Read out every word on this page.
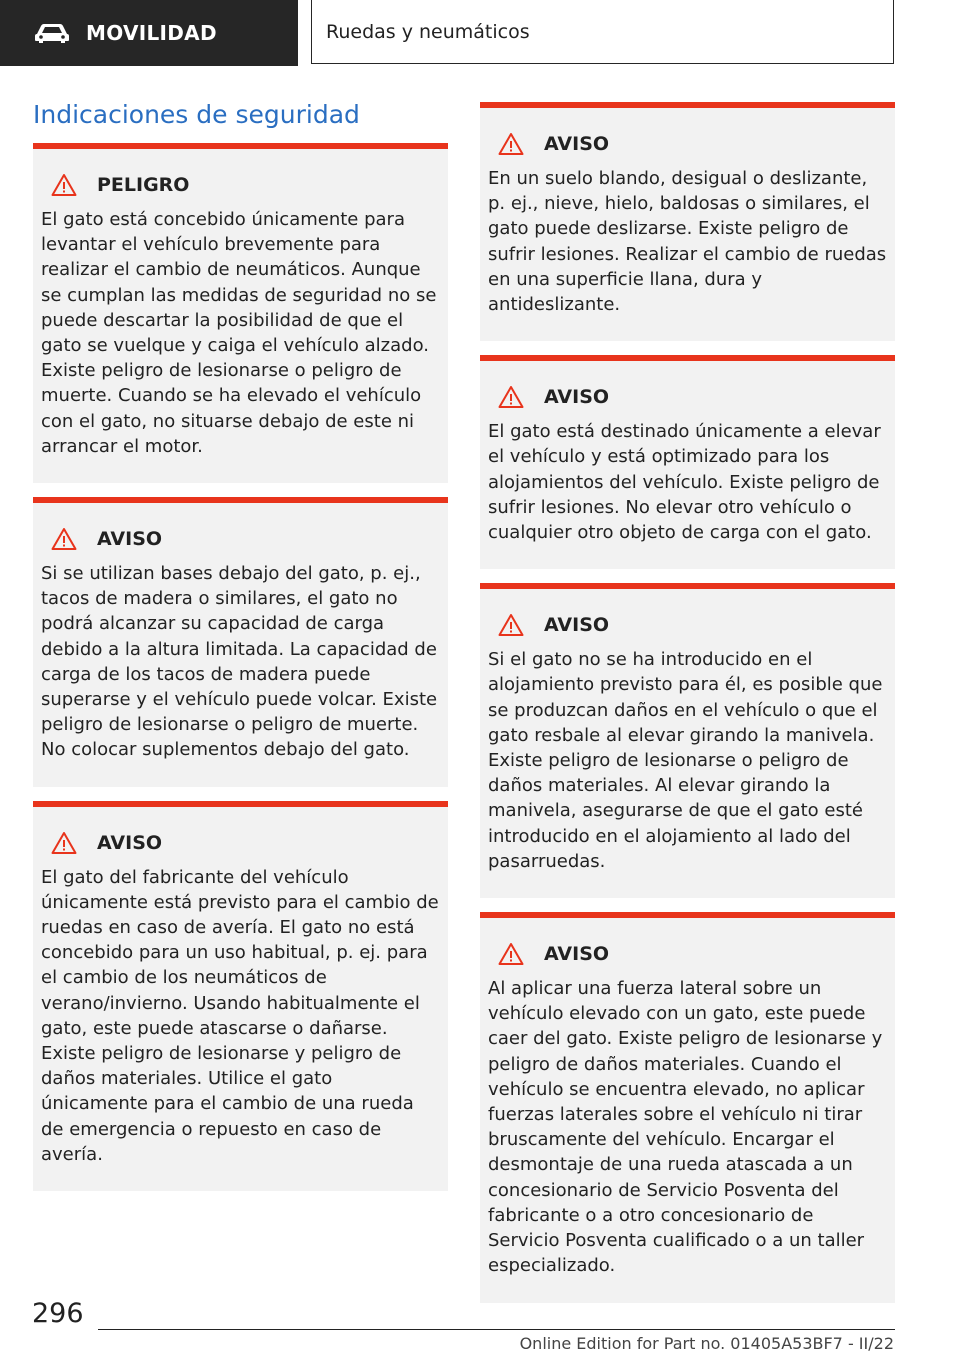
MOVILIDAD	Ruedas y neumáticos
Indicaciones de seguridad
PELIGRO

El gato está concebido únicamente para levantar el vehículo brevemente para realizar el cambio de neumáticos. Aunque se cumplan las medidas de seguridad no se puede descartar la posibilidad de que el gato se vuelque y caiga el vehículo alzado. Existe peligro de lesionarse o peligro de muerte. Cuando se ha elevado el vehículo con el gato, no situarse debajo de este ni arrancar el motor.

AVISO

Si se utilizan bases debajo del gato, p. ej., tacos de madera o similares, el gato no podrá alcanzar su capacidad de carga debido a la altura limitada. La capacidad de carga de los tacos de madera puede superarse y el vehículo puede volcar. Existe peligro de lesionarse o peligro de muerte. No colocar suplementos debajo del gato.

AVISO

El gato del fabricante del vehículo únicamente está previsto para el cambio de ruedas en caso de avería. El gato no está concebido para un uso habitual, p. ej. para el cambio de los neumáticos de verano/invierno. Usando habitualmente el gato, este puede atascarse o dañarse. Existe peligro de lesionarse y peligro de daños materiales. Utilice el gato únicamente para el cambio de una rueda de emergencia o repuesto en caso de avería.

AVISO

En un suelo blando, desigual o deslizante, p. ej., nieve, hielo, baldosas o similares, el gato puede deslizarse. Existe peligro de sufrir lesiones. Realizar el cambio de ruedas en una superficie llana, dura y antideslizante.

AVISO

El gato está destinado únicamente a elevar el vehículo y está optimizado para los alojamientos del vehículo. Existe peligro de sufrir lesiones. No elevar otro vehículo o cualquier otro objeto de carga con el gato.

AVISO

Si el gato no se ha introducido en el alojamiento previsto para él, es posible que se produzcan daños en el vehículo o que el gato resbale al elevar girando la manivela. Existe peligro de lesionarse o peligro de daños materiales. Al elevar girando la manivela, asegurarse de que el gato esté introducido en el alojamiento al lado del pasarruedas.

AVISO

Al aplicar una fuerza lateral sobre un vehículo elevado con un gato, este puede caer del gato. Existe peligro de lesionarse y peligro de daños materiales. Cuando el vehículo se encuentra elevado, no aplicar fuerzas laterales sobre el vehículo ni tirar bruscamente del vehículo. Encargar el desmontaje de una rueda atascada a un concesionario de Servicio Posventa del fabricante o a otro concesionario de Servicio Posventa cualificado o a un taller especializado.

296
Online Edition for Part no. 01405A53BF7 - II/22
